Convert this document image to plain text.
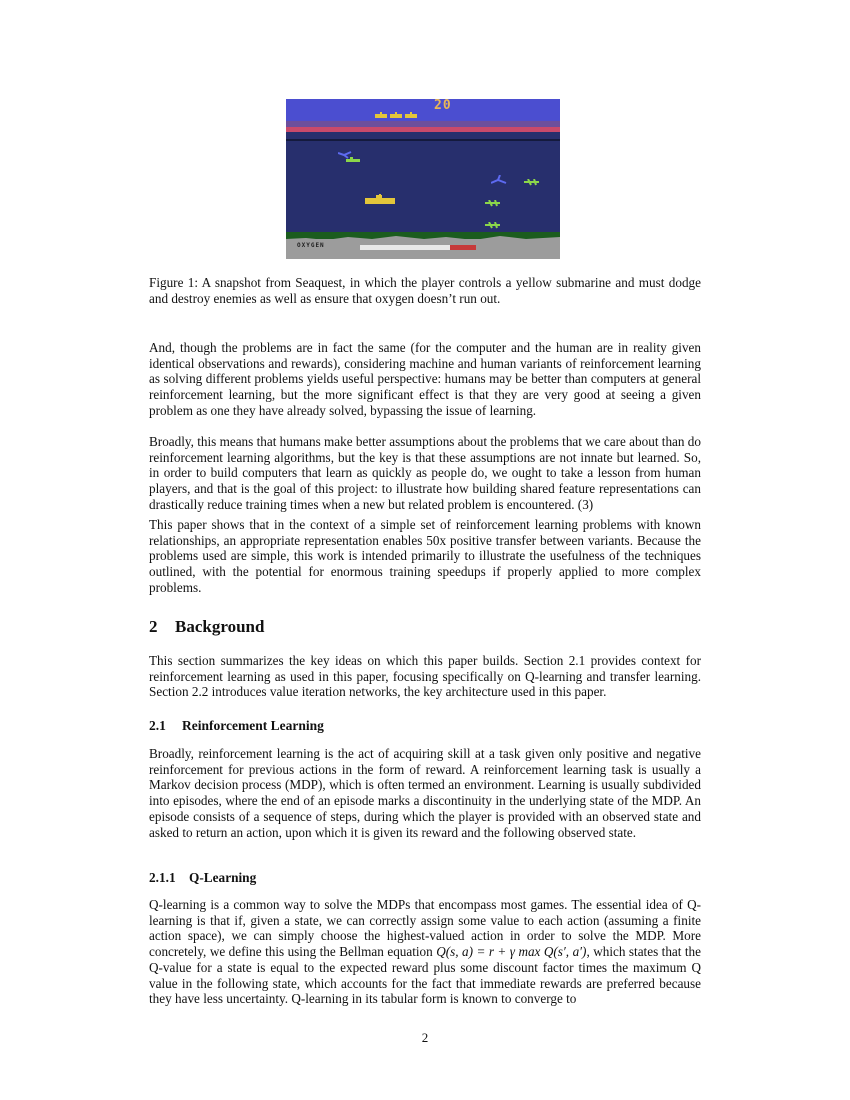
20
OXYGEN
Figure 1: A snapshot from Seaquest, in which the player controls a yellow submarine and must dodge and destroy enemies as well as ensure that oxygen doesn’t run out.

And, though the problems are in fact the same (for the computer and the human are in reality given identical observations and rewards), considering machine and human variants of reinforcement learning as solving different problems yields useful perspective: humans may be better than computers at general reinforcement learning, but the more significant effect is that they are very good at seeing a given problem as one they have already solved, bypassing the issue of learning.

Broadly, this means that humans make better assumptions about the problems that we care about than do reinforcement learning algorithms, but the key is that these assumptions are not innate but learned. So, in order to build computers that learn as quickly as people do, we ought to take a lesson from human players, and that is the goal of this project: to illustrate how building shared feature representations can drastically reduce training times when a new but related problem is encountered. (3)

This paper shows that in the context of a simple set of reinforcement learning problems with known relationships, an appropriate representation enables 50x positive transfer between variants. Because the problems used are simple, this work is intended primarily to illustrate the usefulness of the techniques outlined, with the potential for enormous training speedups if properly applied to more complex problems.

2 Background

This section summarizes the key ideas on which this paper builds. Section 2.1 provides context for reinforcement learning as used in this paper, focusing specifically on Q-learning and transfer learning. Section 2.2 introduces value iteration networks, the key architecture used in this paper.

2.1 Reinforcement Learning

Broadly, reinforcement learning is the act of acquiring skill at a task given only positive and negative reinforcement for previous actions in the form of reward. A reinforcement learning task is usually a Markov decision process (MDP), which is often termed an environment. Learning is usually subdivided into episodes, where the end of an episode marks a discontinuity in the underlying state of the MDP. An episode consists of a sequence of steps, during which the player is provided with an observed state and asked to return an action, upon which it is given its reward and the following observed state.

2.1.1 Q-Learning

Q-learning is a common way to solve the MDPs that encompass most games. The essential idea of Q-learning is that if, given a state, we can correctly assign some value to each action (assuming a finite action space), we can simply choose the highest-valued action in order to solve the MDP. More concretely, we define this using the Bellman equation Q(s, a) = r + γ max Q(s′, a′), which states that the Q-value for a state is equal to the expected reward plus some discount factor times the maximum Q value in the following state, which accounts for the fact that immediate rewards are preferred because they have less uncertainty. Q-learning in its tabular form is known to converge to

2
